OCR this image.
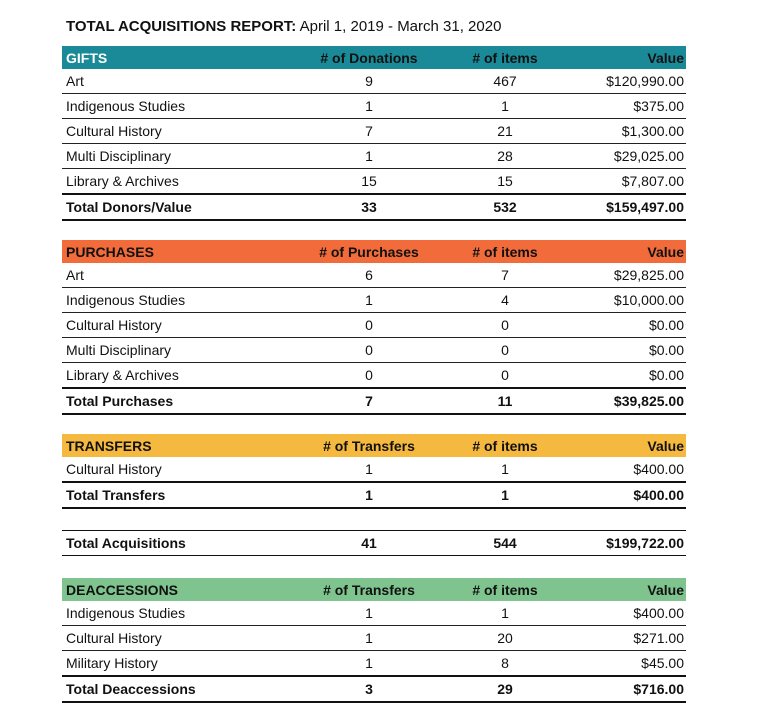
TOTAL ACQUISITIONS REPORT: April 1, 2019 - March 31, 2020
GIFTS	# of Donations	# of items	Value
Art	9	467	$120,990.00
Indigenous Studies	1	1	$375.00
Cultural History	7	21	$1,300.00
Multi Disciplinary	1	28	$29,025.00
Library & Archives	15	15	$7,807.00
Total Donors/Value	33	532	$159,497.00
PURCHASES	# of Purchases	# of items	Value
Art	6	7	$29,825.00
Indigenous Studies	1	4	$10,000.00
Cultural History	0	0	$0.00
Multi Disciplinary	0	0	$0.00
Library & Archives	0	0	$0.00
Total Purchases	7	11	$39,825.00
TRANSFERS	# of Transfers	# of items	Value
Cultural History	1	1	$400.00
Total Transfers	1	1	$400.00
Total Acquisitions	41	544	$199,722.00
DEACCESSIONS	# of Transfers	# of items	Value
Indigenous Studies	1	1	$400.00
Cultural History	1	20	$271.00
Military History	1	8	$45.00
Total Deaccessions	3	29	$716.00
